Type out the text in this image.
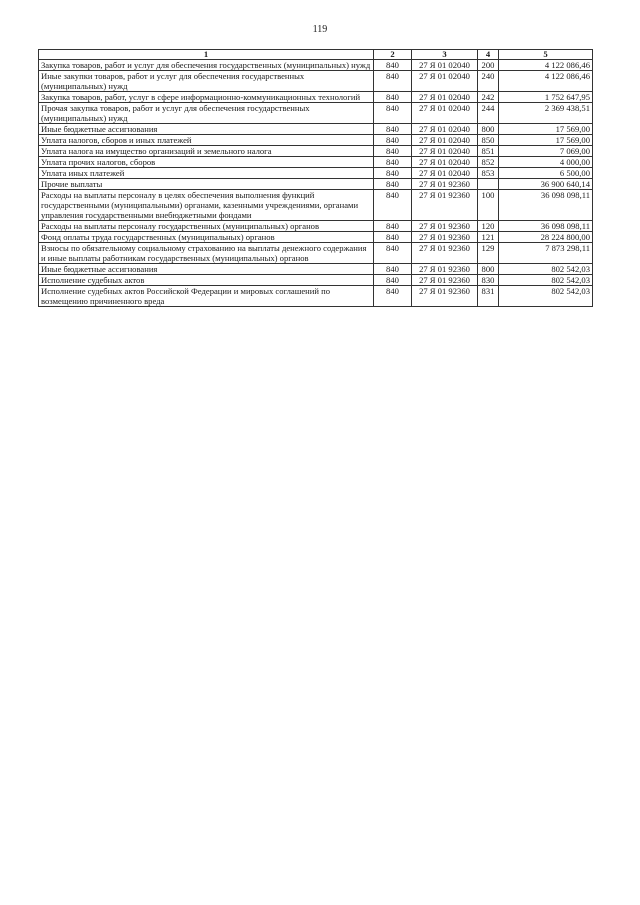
119
1	2	3	4	5
Закупка товаров, работ и услуг для обеспечения государственных (муниципальных) нужд	840	27 Я 01 02040	200	4 122 086,46
Иные закупки товаров, работ и услуг для обеспечения государственных (муниципальных) нужд	840	27 Я 01 02040	240	4 122 086,46
Закупка товаров, работ, услуг в сфере информационно-коммуникационных технологий	840	27 Я 01 02040	242	1 752 647,95
Прочая закупка товаров, работ и услуг для обеспечения государственных (муниципальных) нужд	840	27 Я 01 02040	244	2 369 438,51
Иные бюджетные ассигнования	840	27 Я 01 02040	800	17 569,00
Уплата налогов, сборов и иных платежей	840	27 Я 01 02040	850	17 569,00
Уплата налога на имущество организаций и земельного налога	840	27 Я 01 02040	851	7 069,00
Уплата прочих налогов, сборов	840	27 Я 01 02040	852	4 000,00
Уплата иных платежей	840	27 Я 01 02040	853	6 500,00
Прочие выплаты	840	27 Я 01 92360		36 900 640,14
Расходы на выплаты персоналу в целях обеспечения выполнения функций государственными (муниципальными) органами, казенными учреждениями, органами управления государственными внебюджетными фондами	840	27 Я 01 92360	100	36 098 098,11
Расходы на выплаты персоналу государственных (муниципальных) органов	840	27 Я 01 92360	120	36 098 098,11
Фонд оплаты труда государственных (муниципальных) органов	840	27 Я 01 92360	121	28 224 800,00
Взносы по обязательному социальному страхованию на выплаты денежного содержания и иные выплаты работникам государственных (муниципальных) органов	840	27 Я 01 92360	129	7 873 298,11
Иные бюджетные ассигнования	840	27 Я 01 92360	800	802 542,03
Исполнение судебных актов	840	27 Я 01 92360	830	802 542,03
Исполнение судебных актов Российской Федерации и мировых соглашений по возмещению причиненного вреда	840	27 Я 01 92360	831	802 542,03
